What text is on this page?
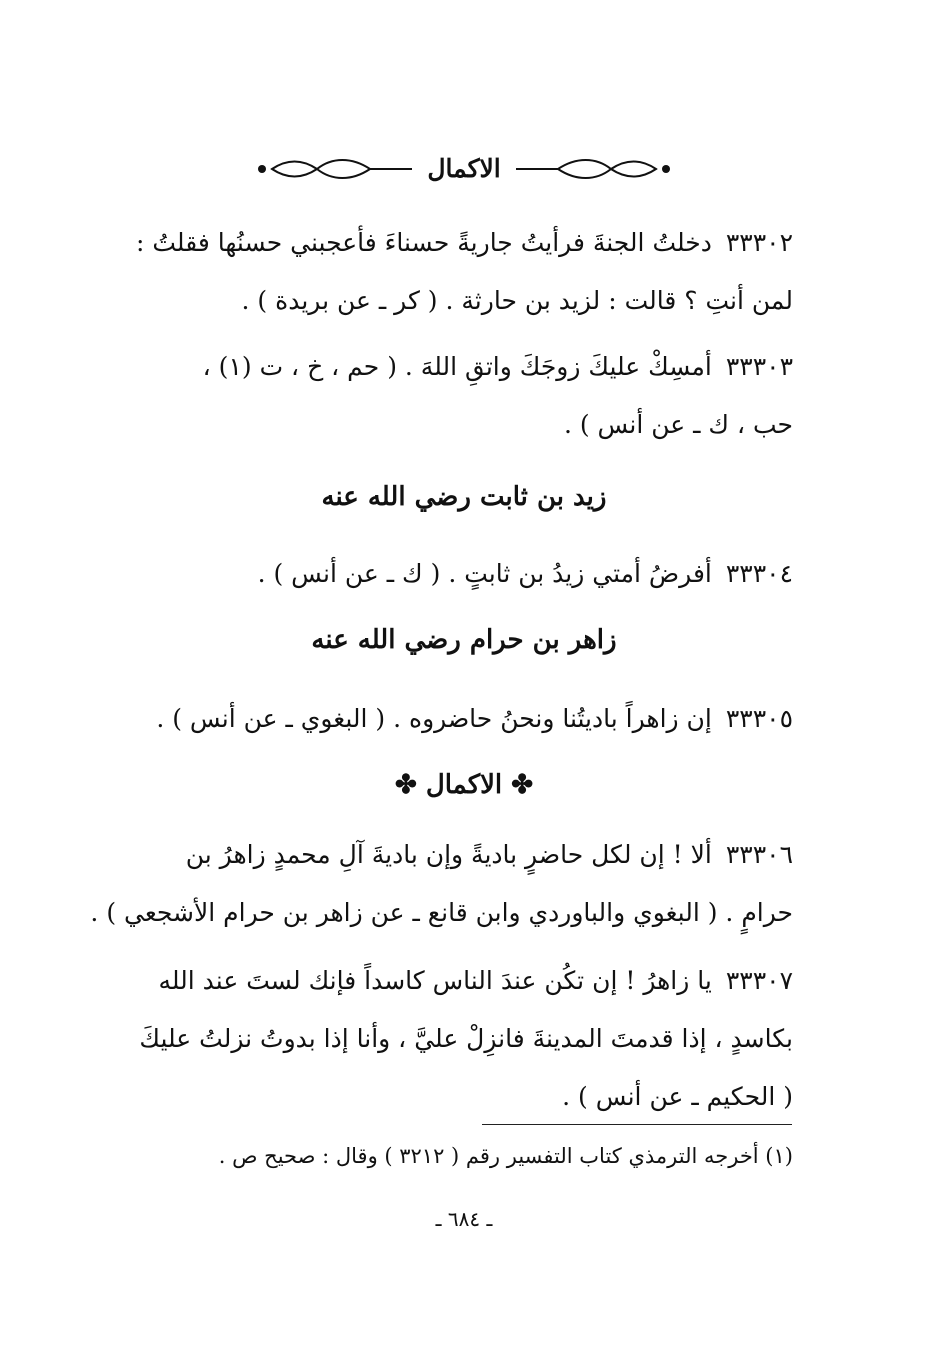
الاكمال
٣٣٣٠٢دخلتُ الجنةَ فرأيتُ جاريةً حسناءَ فأعجبني حسنُها فقلتُ :
لمن أنتِ ؟ قالت : لزيد بن حارثة . ( كر ـ عن بريدة ) .
٣٣٣٠٣أمسِكْ عليكَ زوجَكَ واتقِ اللهَ . ( حم ، خ ، ت (١) ،
حب ، ك ـ عن أنس ) .
زيد بن ثابت رضي الله عنه
٣٣٣٠٤أفرضُ أمتي زيدُ بن ثابتٍ . ( ك ـ عن أنس ) .
زاهر بن حرام رضي الله عنه
٣٣٣٠٥إن زاهراً باديتُنا ونحنُ حاضروه . ( البغوي ـ عن أنس ) .
✤ الاكمال ✤
٣٣٣٠٦ألا ! إن لكل حاضرٍ باديةً وإن باديةَ آلِ محمدٍ زاهرُ بن
حرامٍ . ( البغوي والباوردي وابن قانع ـ عن زاهر بن حرام الأشجعي ) .
٣٣٣٠٧يا زاهرُ ! إن تكُن عندَ الناس كاسداً فإنك لستَ عند الله
بكاسدٍ ، إذا قدمتَ المدينةَ فانزِلْ عليَّ ، وأنا إذا بدوتُ نزلتُ عليكَ
( الحكيم ـ عن أنس ) .
(١) أخرجه الترمذي كتاب التفسير رقم ( ٣٢١٢ ) وقال : صحيح ص .
ـ ٦٨٤ ـ
